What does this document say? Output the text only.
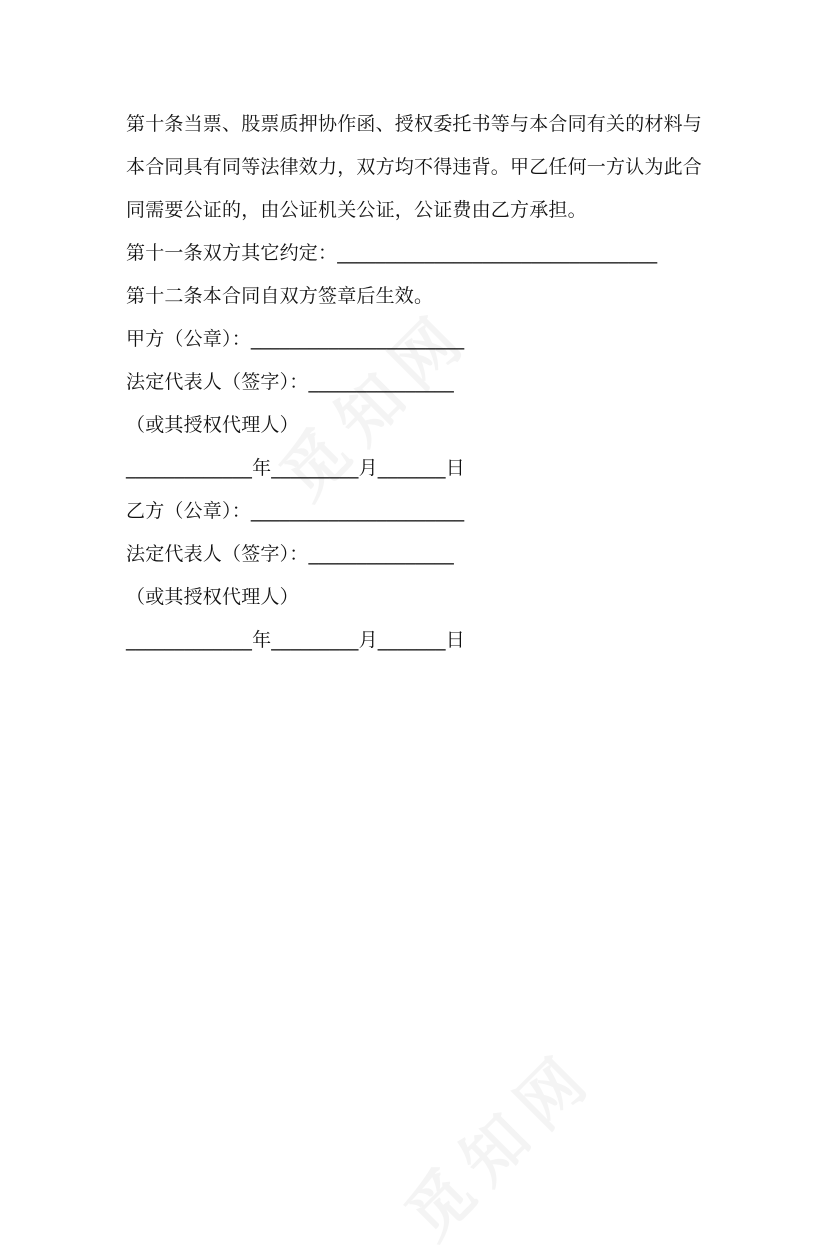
第十条当票、股票质押协作函、授权委托书等与本合同有关的材料与
本合同具有同等法律效力，双方均不得违背。甲乙任何一方认为此合
同需要公证的，由公证机关公证，公证费由乙方承担。
第十一条双方其它约定：_________________________________
第十二条本合同自双方签章后生效。
甲方（公章）：______________________
法定代表人（签字）：_______________
（或其授权代理人）
_____________年_________月_______日
乙方（公章）：______________________
法定代表人（签字）：_______________
（或其授权代理人）
_____________年_________月_______日
